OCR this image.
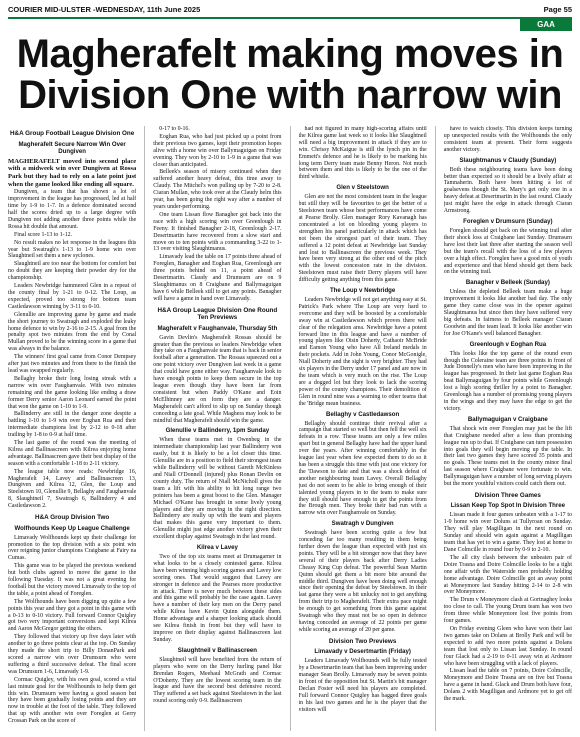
COURIER MID-ULSTER -WEDNESDAY, 11th June 2025	Page 55
GAA
Magherafelt making moves in Division One with narrow win
H&A Group Football League Division One
Magherafelt Secure Narrow Win Over Dungiven

MAGHERAFELT moved into second place with a midweek win over Dungiven at Rossa Park but they had to rely on a late point just when the game looked like ending all square.

Dungiven, a team that has shown a lot of improvement in the league has progressed, led at half time by 1-9 to 1-7. In a defence dominated second half the scores dried up to a large degree with Dungiven not adding another three points while the Rossa hit double that amount.

Final score 1-13 to 1-12.

No result makes no let response in the leagues this year but Swatragh's 1-13 to 1-9 home win over Slaughtneil set them a new syclones.

Slaughtneil are too near the bottom for comfort but no doubt they are keeping their powder dry for the championship.

Leaders Newbridge hammered Glen in a repeat of the county final by 1-21 to 0-12. The Loup, as expected, proved too strong for bottom team Castledawson winning by 3-11 to 0-10.

Glenullie are improving game by game and made the short journey to Swatragh and exploded the leaky home defence to win by 2-16 to 2-15. A goal from the penalty spot two minutes from the end by Conal Mullan proved to be the winning score in a game that was always in the balance.

The winners' first goal came from Conor Dempsey after just two minutes and from there to the finish the lead was swapped regularly.

Bellaghy broke their long losing streak with a narrow win over Faughanvale. With two minutes remaining and the game looking like ending a draw former Derry senior Aaron Leonard earned the point that won the game on 1-10 to 1-9.

Ballinderry are still in the danger zone despite a battling 1-10 to 1-9 win over Eoghan Rua and their intermediate champions lost by 2-12 to 0-18 after trailing by 1-8 to 0-9 at half time.

The last game of the round was the meeting of Kilrea and Ballinascreen with Kilrea enjoying home advantage. Ballinascreen gave their best display of the season with a comfortable 1-18 to 2-11 victory.

The league table now reads: Newbridge 16, Magherafelt 14, Lavey and Ballinascreen 13, Dungiven and Kilrea 12, Glen, the Loup and Steelstown 10, Glenullie 9, Bellaghy and Faughanvale 8, Slaughtneil 7, Swatragh 6, Ballinderry 4 and Castledawson 2.

H&A Group Division Two
Wolfhounds Keep Up League Challenge

Limavady Wolfhounds kept up their challenge for promotion to the top division with a six point win over reigning junior champions Craigbane at Fairy na Cumas.

This game was to be played the previous weekend but both clubs agreed to move the game to the following Tuesday. It was not a great evening for football but the victory moved Limavady to the top of the table, a point ahead of Foreglen.

The Wolfhounds have been digging up quite a few points this year and they got a point in this game with a 0-13 to 0-10 victory. Full forward Connor Quigley got two very important conversions and kept Kilrea and Aaron McGregor getting the others.

They followed that victory up five days later with another to go three points clear at the top. On Sunday they made the short trip to Billy DonanPark and scored a narrow win over Drumsurn who were suffering a third successive defeat. The final score was Drumsurn 1-6, Limavady 1-9.

Cormac Quigley, with his own goal, scored a vital last minute goal for the Wolfhounds to help them get this win. Drumsurn were having a good season but they have been gradually losing points and they are now in trouble at the foot of the table. They followed that up with another win over Foreglen at Gerry Crossan Park on the score of

0-17 to 0-16.

Eoghan Rua, who had just picked up a point from their previous two games, kept their promotion hopes alive with a home win over Ballymaguigan on Friday evening. They won by 2-10 to 1-9 in a game that was closer than anticipated.

Belleek's season of misery continued when they suffered another heavy defeat, this time away to Claudy. The Mitchel's won pulling up by 7-20 to 2-8. Ciaran Mullan, who took over at the Claudy helm this year, has been going the right way after a number of years under-performing.

One team Lissan flow Banagher got back into the race with a high scoring win over Greenlough in Feeny. It finished Banagher 2-18, Greenlough 2-17. Desertmartin have recovered from a slow start and move on to ten points with a commanding 3-22 to 1-13 over visiting Slaughtmanus.

Limavady lead the table on 17 points three ahead of Foreglen, Banagher and Eoghan Rua, Greenlough are three points behind on 11, a point ahead of Desertmartin. Claudy and Drumsurn are on 9 Slaughtmanus on 8 Craigbane and Ballymaguigan have 6 while Belleek still to get any points. Banagher will have a game in hand over Limavady.

H&A Group League Division One Round Ten Previews
Magherafelt v Faughanvale, Thursday 5th

Gavin Devlin's Magherafelt Rossas should be greater than the previous so leaders Newbridge when they take on a Faughanvale team that is back in senior football after a generation. The Rossas squeezed out a one point victory over Dungiven last week in a game that could have gone either way. Faughanvale look to have enough points to keep them secure in the top league even though they have been far from consistent but when Paddy O'Kane and Eoin McElhinney are on form they are a danger. Magherafelt can't afford to slip up on Sunday though conceding a late goal. While Maghera may look to be mindful that Magherafelt should win the game.

Glenullie v Ballinderry, 1pm Sunday

When these teams met in Owenbeg in the intermediate championship last year Ballinderry won easily, but it is likely to be a lot closer this time. Glenullie are in a position to field their strongest team while Ballinderry will be without Gareth McKinless and Niall O'Donnell (injured) plus Ronan Devlin on county duty. The return of Niall McNicholl gives the team a lift with his ability to hit long range two pointers has been a great boost to the Glen. Manager Michael O'Kane has brought in some lively young players and they are moving in the right direction. Ballinderry are really up with the team and players that makes this game very important to them. Glenullie might just edge another victory given their excellent display against Swatragh in the last round.

Kilrea v Lavey

Two of the top six teams meet at Drumagarner in what looks to be a closely contested game. Kilrea have been winning high scoring games and Lavey low scoring ones. That would suggest that Lavey are stronger in defence and the Pearses more productive in attack. There is never much between these sides and this game will probably be the case again. Lavey have a number of their key men on the Derry panel while Kilrea have Kevin Quinn alongside them. Home advantage and a sharper looking attack should see Kilrea finish in front but they will have to improve on their display against Ballinascreen last Sunday.

Slaughtneil v Ballinascreen

Slaughtneil will have benefited from the return of players who were on the Derry hurling panel like Brendan Rogers, Meehaul McGrath and Cormac O'Doherty. They are the lowest scoring team in the league and have the second best defensive record. They suffered a set back against Steelstown in the last round scoring only 0-9. Ballinascreen

had not figured in many high-scoring affairs until the Kilrea game last week so it looks like Slaughtneil will need a big improvement in attack if they are to win. Chrissy McKaigue is still the lynch pin in the Emmett's defence and he is likely to be marking his long term Derry team mate Benny Heron. Not much between them and this is likely to be the one of the third whistle.

Glen v Steelstown

Glen are not the most consistent team in the league but still they will be favourites to get the better of a Steelstown team whose best performances have come at Pearse Brolly. Glen manager Rory Kavanagh has concentrated a lot on blooding young players to strengthen his panel particularly in attack which has not been the strongest part of their team. They suffered a 12 point defeat at Newbridge last Sunday and lost to Ballinascreen the previous week. They have been very strong at the other end of the pitch with the lowest concession rate in the division. Steelstown must raise their Derry players will have difficulty getting anything from this game.

The Loup v Newbridge

Leaders Newbridge will not get anything easy at St. Patrick's Park where The Loup are very hard to overcome and they will be boosted by a comfortable away win at Castledawson which proves there will clear of the relegation area. Newbridge have a potent forward line in this league and have a number of young players like Oisin Doherty, Cathaoir McBride and Eamon Young who have All Ireland medals in their pockets. Add in John Young, Conor McGonigle, Niall Doherty and the sight is very brighter. They had six players in the Derry under 17 panel and are now in the team which is very much on the rise. The Loup are a dogged lot but they look to lack the scoring power of the county champions. Their demolition of Glen in round nine was a warning to other teams that the 'Bridge mean business.

Bellaghy v Castledawson

Bellaghy should continue their revival after a campaign that started so well but then fell the well six defeats in a row. These teams are only a few miles apart but in general Bellaghy have had the upper hand over the years. After winning comfortably in the league last year when few expected them to do so it has been a struggle this time with just one victory for the 'Dawson to date and that was a shock defeat of another neighbouring team Lavey. Overall Bellaghy just do not seem to be able to bring enough of their talented young players in to the team to make sure they still should have enough to get the points from the Brough men. They broke their bad run with a narrow win over Faughanvale on Sunday.

Swatragh v Dungiven

Swatragh have been scoring quite a few but conceding far too many resulting in them being further down the league than expected with just six points. They will be a bit stronger now that they have several of their players back after Derry Ladies Cheasy King Cup defeat. The powerful Sean Martin Quinn should get them a bit more bite around the middle third. Dungiven have been doing well enough since their opening the defeat by Steelstown. In their last game they were a bit unlucky not to get anything from their trip to Magherafelt. Their extra pace might be enough to get something from this game against Swatragh who they must not be so open in defence having conceded an average of 22 points per game while scoring an average of 20 per game.

Division Two Previews
Limavady v Desertmartin (Friday)

Leaders Limavady Wolfhounds will be fully tested by a Desertmartin team that has been improving under manager Sean Brolly. Limavady may be seven points in front of the opposition but St. Martin's bit manager Declan Foster will need his players are completed. Full forward Connor Quigley has bagged three goals in his last two games and he is the player that the visitors will

have to watch closely. This division keeps turning up unexpected results with the Wolfhounds the only consistent team at present. Their form suggests another victory.

Slaughtmanus v Claudy (Sunday)

Both these neighbouring teams have been doing better than expected so it should be a lively affair at Tamnaherin. Both have been hitting a lot of goalsevens though the St. Mary's get only one in a heavy defeat at Desertmartin in the last round. Claudy just might have the edge in attack through Ciaran Armstrong.

Foreglen v Drumsurn (Sunday)

Foreglen should get back on the winning trail after their shock loss at Craigbane last Sunday. Drumsurn have lost their last three after starting the season well but the team's recall with the loss of a few players over a high effect. Foreglen have a good mix of youth and experience and that blend should get them back on the winning trail.

Banagher v Belleek (Sunday)

Unless the depleted Belleek team make a huge improvement it looks like another bad day. The only game they came close was in the opener against Slaughtmanus but since then they have suffered very big defeats. In fairness to Belleek manager Ciaran Goodwin and the team lead. It looks like another win for Joe O'Kane's well balanced Banagher.

Greenlough v Eoghan Rua

This looks like the top game of the round even though the Coleraine team are three points in front of Jude Donnelly's men who have been improving in the league has progressed. In their last game Eoghan Rua beat Ballymaguigan by four points while Greenlough lost a high scoring thriller by a point to Banagher. Greenlough has a number of promising young players in the wings and they may have the edge to get the victory.

Ballymaguigan v Craigbane

That shock win over Foreglen may just be the lift that Craigbane needed after a less than promising league run up to that. If Craigbane can turn possession into goals they will begin moving up the table. In their last two games they have scored 35 points and no goals. These teams met in the county minor final last season where Craigbane were fortunate to win. Ballymaguigan have a number of long serving players but the more youthful visitors could catch them out.

Division Three Games
Lissan Keep Top Spot In Division Three

Lissan made it four games unbeaten with a 1-17 to 1-9 home win over Doluns at Tullyroan on Sunday. They will play Magilligan in the next round on Sunday and should win again against a Magilligan team that has yet to win a game. They lost at home to Dane Colmcille in round four by 0-9 to 2-10.

The all city clash between the unbeaten pair of Doire Trasna and Doire Colmcille looks to be a tight one affair with the Waterside men probably holding home advantage. Doire Colmcille got an away point at Moneymore last Sunday hitting 2-14 to 2-8 win over Moneymore.

The Drum v Moneymore clash at Gortnaghey looks too close to call. The young Drum team has won two from three while Moneymore lost five points from four games.

On Friday evening Gleen who have won their last two games take on Dolans at Brolly Park and will be expected to add two more points against a Dolans team that lost only to Lissan last Sunday. In round four Glack had a 2-19 to 0-11 away win at Ardmore who have been struggling with a lack of players.

Lissan lead the table on 7 points, Doire Colmcille, Moneymore and Doire Trasna are on five but Trasna have a game in hand. Glack and Drum both have four, Dolans 2 with Magilligan and Ardmore yet to get off the mark.
